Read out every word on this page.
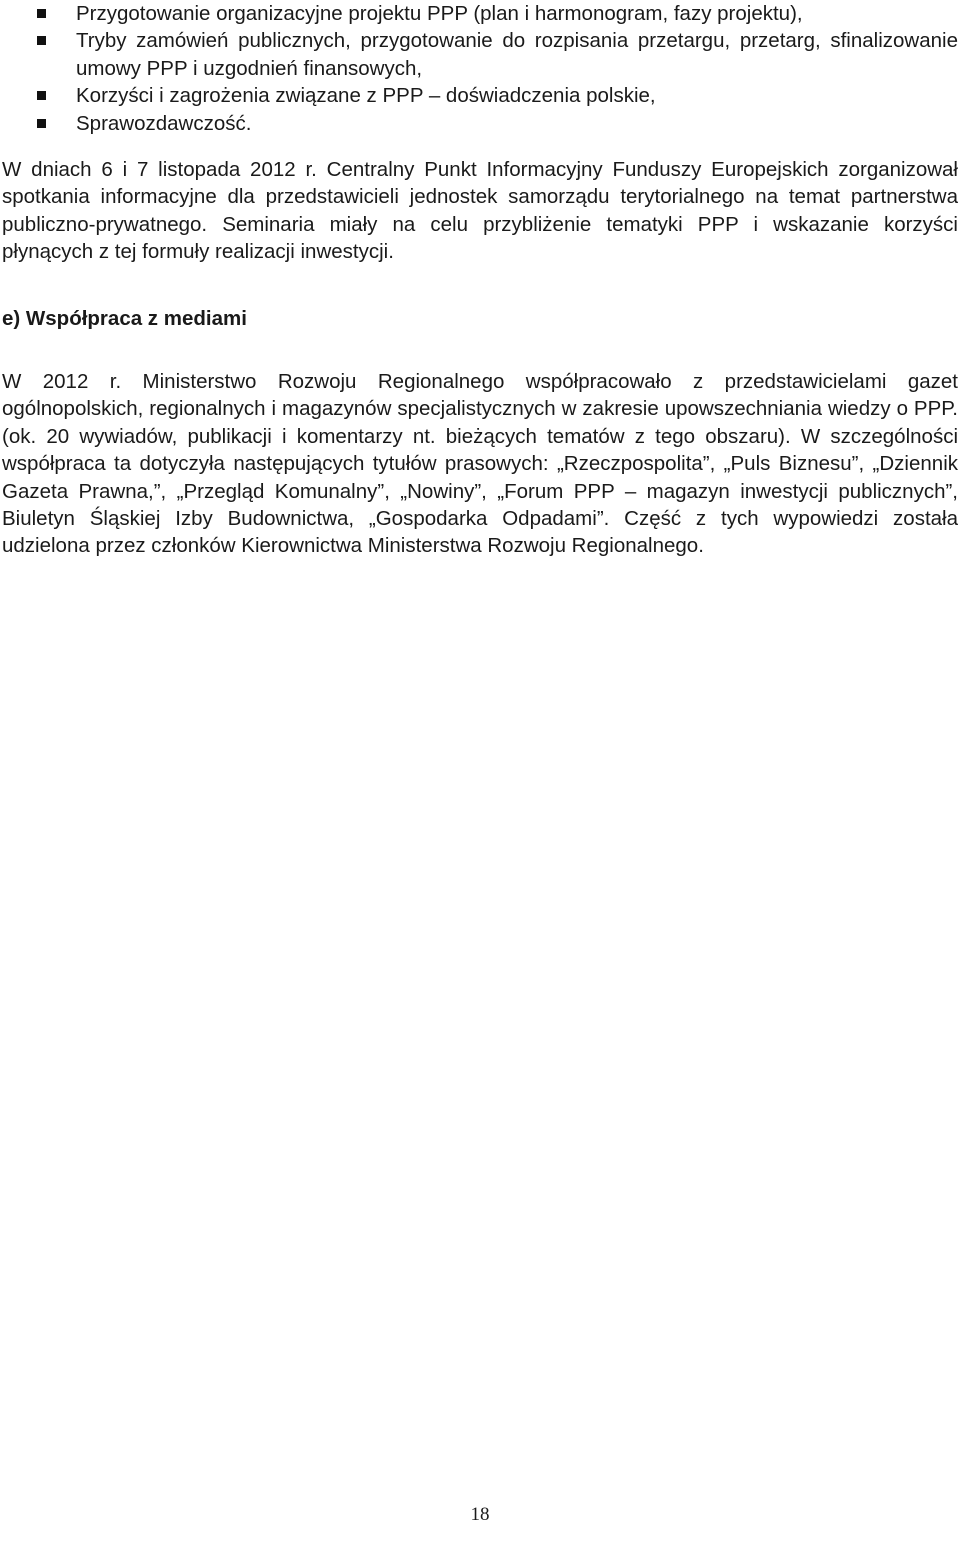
Przygotowanie organizacyjne projektu PPP (plan i harmonogram, fazy projektu),
Tryby zamówień publicznych, przygotowanie do rozpisania przetargu, przetarg, sfinalizowanie umowy PPP i uzgodnień finansowych,
Korzyści i zagrożenia związane z PPP – doświadczenia polskie,
Sprawozdawczość.

W dniach 6 i 7 listopada 2012 r. Centralny Punkt Informacyjny Funduszy Europejskich zorganizował spotkania informacyjne dla przedstawicieli jednostek samorządu terytorialnego na temat partnerstwa publiczno-prywatnego. Seminaria miały na celu przybliżenie tematyki PPP i wskazanie korzyści płynących z tej formuły realizacji inwestycji.

e) Współpraca z mediami

W 2012 r. Ministerstwo Rozwoju Regionalnego współpracowało z przedstawicielami gazet ogólnopolskich, regionalnych i magazynów specjalistycznych w zakresie upowszechniania wiedzy o PPP. (ok. 20 wywiadów, publikacji i komentarzy nt. bieżących tematów z tego obszaru). W szczególności współpraca ta dotyczyła następujących tytułów prasowych: „Rzeczpospolita”, „Puls Biznesu”, „Dziennik Gazeta Prawna,”, „Przegląd Komunalny”, „Nowiny”, „Forum PPP – magazyn inwestycji publicznych”, Biuletyn Śląskiej Izby Budownictwa, „Gospodarka Odpadami”. Część z tych wypowiedzi została udzielona przez członków Kierownictwa Ministerstwa Rozwoju Regionalnego.

18
